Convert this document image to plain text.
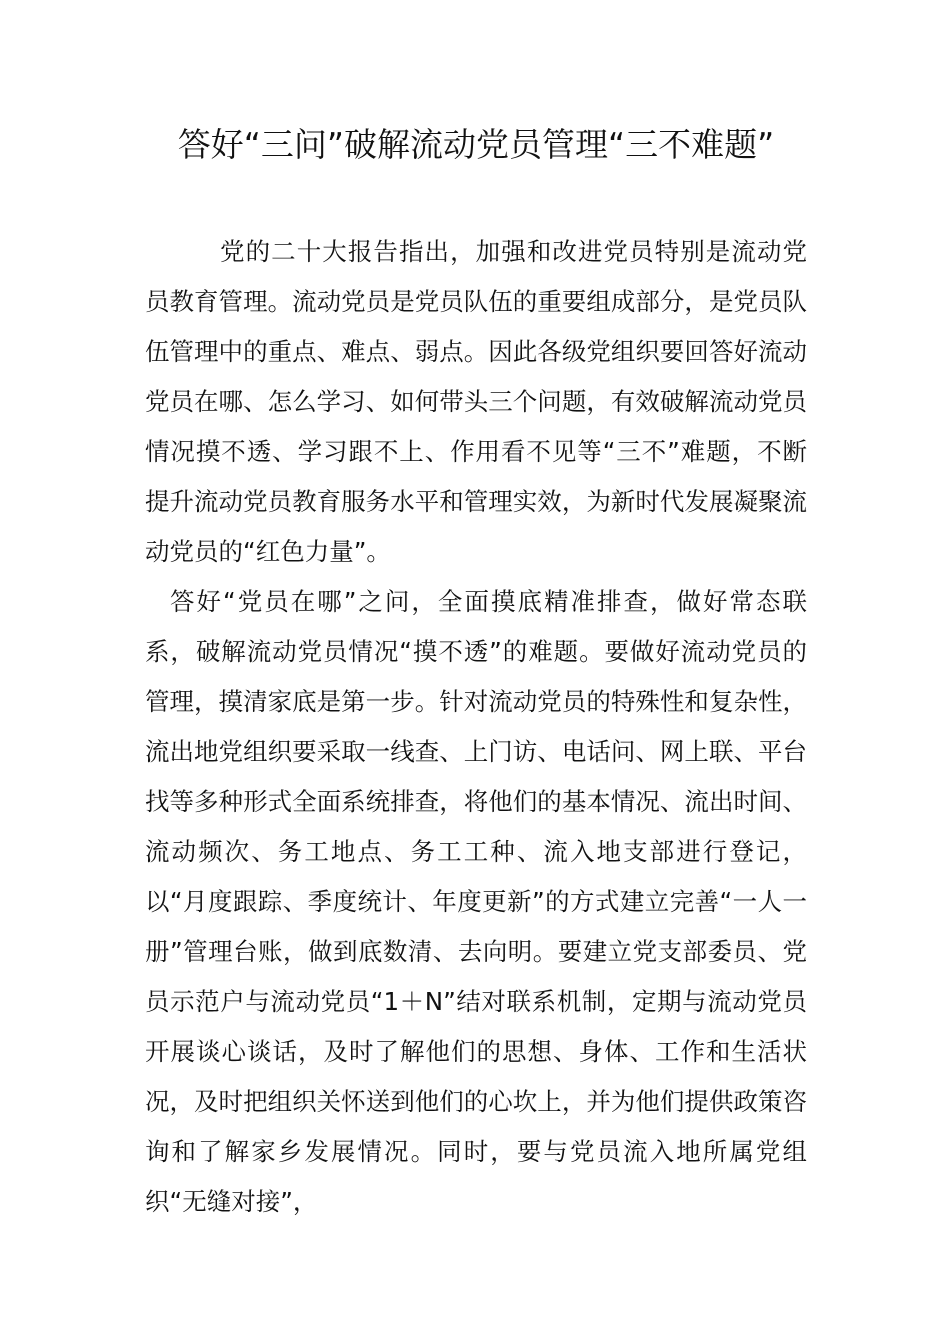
答好“三问”破解流动党员管理“三不难题”

党的二十大报告指出，加强和改进党员特别是流动党员教育管理。流动党员是党员队伍的重要组成部分，是党员队伍管理中的重点、难点、弱点。因此各级党组织要回答好流动党员在哪、怎么学习、如何带头三个问题，有效破解流动党员情况摸不透、学习跟不上、作用看不见等“三不”难题，不断提升流动党员教育服务水平和管理实效，为新时代发展凝聚流动党员的“红色力量”。

答好“党员在哪”之问，全面摸底精准排查，做好常态联系，破解流动党员情况“摸不透”的难题。要做好流动党员的管理，摸清家底是第一步。针对流动党员的特殊性和复杂性，流出地党组织要采取一线查、上门访、电话问、网上联、平台找等多种形式全面系统排查，将他们的基本情况、流出时间、流动频次、务工地点、务工工种、流入地支部进行登记，以“月度跟踪、季度统计、年度更新”的方式建立完善“一人一册”管理台账，做到底数清、去向明。要建立党支部委员、党员示范户与流动党员“1＋N”结对联系机制，定期与流动党员开展谈心谈话，及时了解他们的思想、身体、工作和生活状况，及时把组织关怀送到他们的心坎上，并为他们提供政策咨询和了解家乡发展情况。同时，要与党员流入地所属党组织“无缝对接”，
